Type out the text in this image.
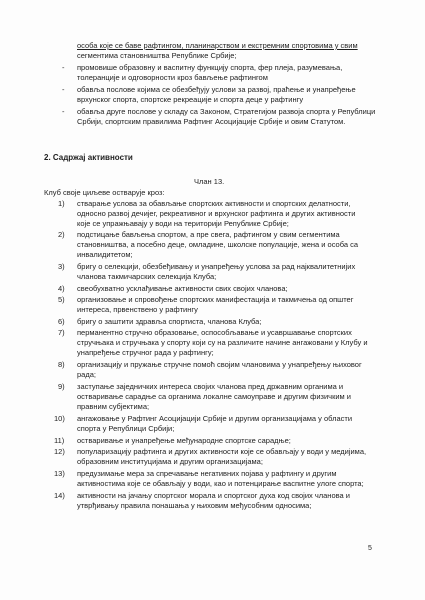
особа које се баве рафтингом, планинарством и екстремним спортовима у свим
сегментима становништва Републике Србије;
- промовише образовну и васпитну функцију спорта, фер плеја, разумевања,
толеранције и одговорности кроз бављење рафтингом
- обавља послове којима се обезбеђују услови за развој, праћење и унапређење
врхунског спорта, спортске рекреације и спорта деце у рафтингу
- обавља друге послове у складу са Законом, Стратегијом развоја спорта у Републици
Србији, спортским правилима Рафтинг Асоцијације Србије и овим Статутом.
2. Садржај активности
Члан 13.
Клуб своје циљеве остварује кроз:
1) стварање услова за обављање спортских активности и спортских делатности,
односно развој дечијег, рекреативног и врхунског рафтинга и других активности
које се упражњавају у води на територији Републике Србије;
2) подстицање бављења спортом, а пре свега, рафтингом у свим сегментима
становништва, а посебно деце, омладине, школске популације, жена и особа са
инвалидитетом;
3) бригу о селекцији, обезбеђивању и унапређењу услова за рад најквалитетнијих
чланова такмичарских селекција Клуба;
4) свеобухватно усклађивање активности свих својих чланова;
5) организовање и спровођење спортских манифестација и такмичења од општег
интереса, првенствено у рафтингу
6) бригу о заштити здравља спортиста, чланова Клуба;
7) перманентно стручно образовање, оспособљавање и усавршавање спортских
стручњака и стручњака у спорту који су на различите начине ангажовани у Клубу и
унапређење стручног рада у рафтингу;
8) организацију и пружање стручне помоћ својим члановима у унапређењу њиховог
рада;
9) заступање заједничких интереса својих чланова пред државним органима и
остваривање сарадње са органима локалне самоуправе и другим физичким и
правним субјектима;
10) ангажовање у Рафтинг Асоцијацији Србије и другим организацијама у области
спорта у Републици Србији;
11) остваривање и унапређење међународне спортске сарадње;
12) популаризацију рафтинга и других активности које се обављају у води у медијима,
образовним институцијама и другим организацијама;
13) предузимање мера за спречавање негативних појава у рафтингу и другим
активностима које се обављају у води, као и потенцирање васпитне улоге спорта;
14) активности на јачању спортског морала и спортског духа код својих чланова и
утврђивању правила понашања у њиховим међусобним односима;
5
